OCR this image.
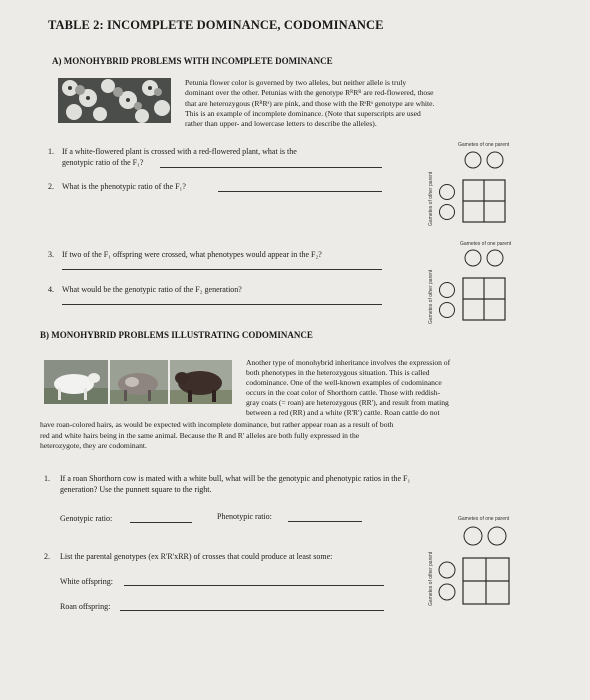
TABLE 2: INCOMPLETE DOMINANCE, CODOMINANCE
A) MONOHYBRID PROBLEMS WITH INCOMPLETE DOMINANCE
Petunia flower color is governed by two alleles, but neither allele is truly
dominant over the other. Petunias with the genotype RᴿRᴿ are red-flowered, those
that are heterozygous (RᴿRˢ) are pink, and those with the RˢRˢ genotype are white.
This is an example of incomplete dominance. (Note that superscripts are used
rather than upper- and lowercase letters to describe the alleles).
1. If a white-flowered plant is crossed with a red-flowered plant, what is the
genotypic ratio of the F₁?
2. What is the phenotypic ratio of the F₁?
Gametes of one parent
Gametes of other parent
3. If two of the F₁ offspring were crossed, what phenotypes would appear in the F₂?
4. What would be the genotypic ratio of the F₂ generation?
Gametes of one parent
Gametes of other parent
B) MONOHYBRID PROBLEMS ILLUSTRATING CODOMINANCE
Another type of monohybrid inheritance involves the expression of
both phenotypes in the heterozygous situation. This is called
codominance. One of the well-known examples of codominance
occurs in the coat color of Shorthorn cattle. Those with reddish-
gray coats (= roan) are heterozygous (RR'), and result from mating
between a red (RR) and a white (R'R') cattle. Roan cattle do not
have roan-colored hairs, as would be expected with incomplete dominance, but rather appear roan as a result of both
red and white hairs being in the same animal. Because the R and R' alleles are both fully expressed in the
heterozygote, they are codominant.
1. If a roan Shorthorn cow is mated with a white bull, what will be the genotypic and phenotypic ratios in the F₁
generation? Use the punnett square to the right.
Genotypic ratio:	Phenotypic ratio:
2. List the parental genotypes (ex R'R'xRR) of crosses that could produce at least some:
White offspring:
Roan offspring:
Gametes of one parent
Gametes of other parent
